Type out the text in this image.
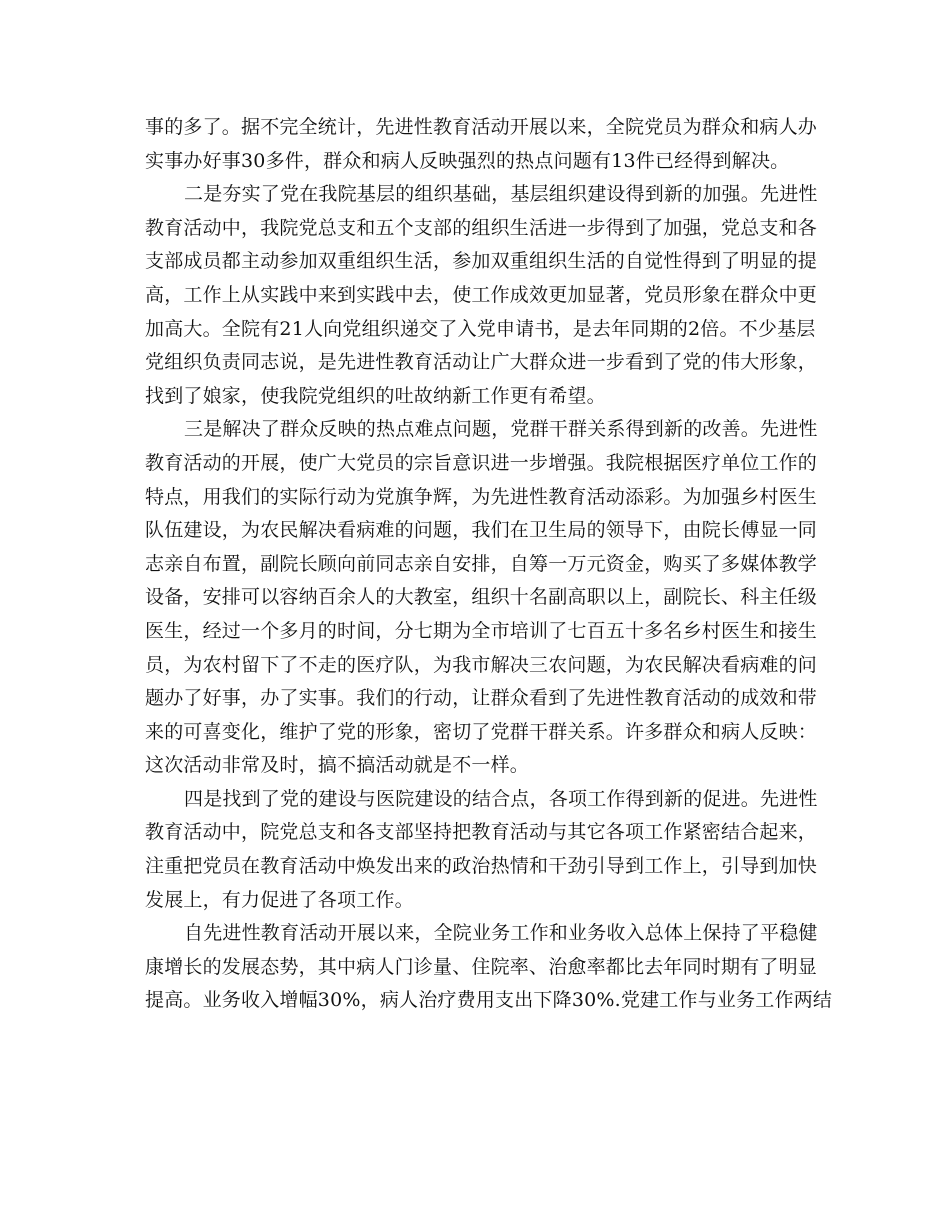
事的多了。据不完全统计，先进性教育活动开展以来，全院党员为群众和病人办
实事办好事30多件，群众和病人反映强烈的热点问题有13件已经得到解决。

二是夯实了党在我院基层的组织基础，基层组织建设得到新的加强。先进性
教育活动中，我院党总支和五个支部的组织生活进一步得到了加强，党总支和各
支部成员都主动参加双重组织生活，参加双重组织生活的自觉性得到了明显的提
高，工作上从实践中来到实践中去，使工作成效更加显著，党员形象在群众中更
加高大。全院有21人向党组织递交了入党申请书，是去年同期的2倍。不少基层
党组织负责同志说，是先进性教育活动让广大群众进一步看到了党的伟大形象，
找到了娘家，使我院党组织的吐故纳新工作更有希望。

三是解决了群众反映的热点难点问题，党群干群关系得到新的改善。先进性
教育活动的开展，使广大党员的宗旨意识进一步增强。我院根据医疗单位工作的
特点，用我们的实际行动为党旗争辉，为先进性教育活动添彩。为加强乡村医生
队伍建设，为农民解决看病难的问题，我们在卫生局的领导下，由院长傅显一同
志亲自布置，副院长顾向前同志亲自安排，自筹一万元资金，购买了多媒体教学
设备，安排可以容纳百余人的大教室，组织十名副高职以上，副院长、科主任级
医生，经过一个多月的时间，分七期为全市培训了七百五十多名乡村医生和接生
员，为农村留下了不走的医疗队，为我市解决三农问题，为农民解决看病难的问
题办了好事，办了实事。我们的行动，让群众看到了先进性教育活动的成效和带
来的可喜变化，维护了党的形象，密切了党群干群关系。许多群众和病人反映：
这次活动非常及时，搞不搞活动就是不一样。

四是找到了党的建设与医院建设的结合点，各项工作得到新的促进。先进性
教育活动中，院党总支和各支部坚持把教育活动与其它各项工作紧密结合起来，
注重把党员在教育活动中焕发出来的政治热情和干劲引导到工作上，引导到加快
发展上，有力促进了各项工作。

自先进性教育活动开展以来，全院业务工作和业务收入总体上保持了平稳健
康增长的发展态势，其中病人门诊量、住院率、治愈率都比去年同时期有了明显
提高。业务收入增幅30%，病人治疗费用支出下降30%.党建工作与业务工作两结
